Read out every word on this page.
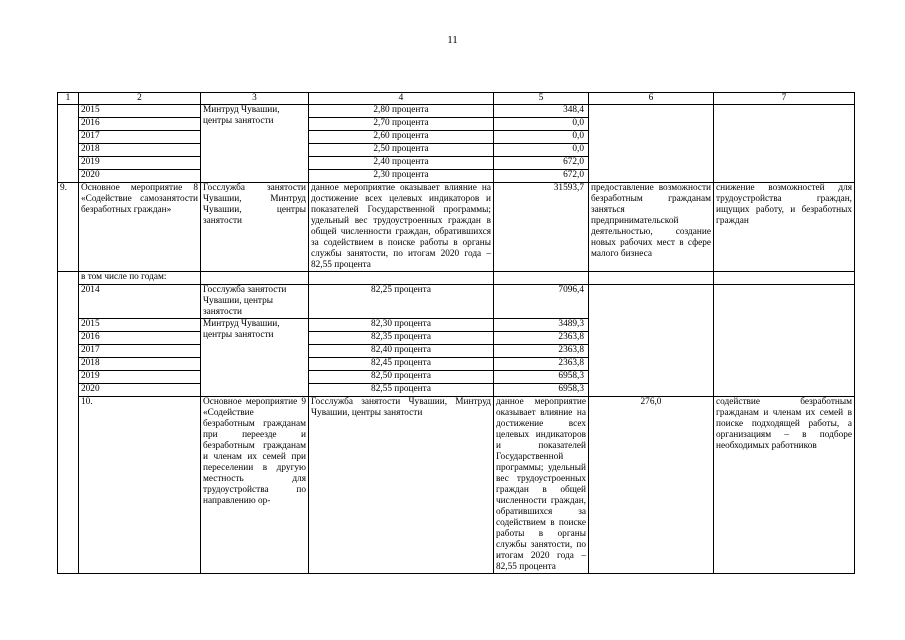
11
1	2	3	4	5	6	7	
	2015	Минтруд Чувашии, центры занятости	2,80 процента	348,4			
	2016		2,70 процента	0,0			
	2017		2,60 процента	0,0			
	2018		2,50 процента	0,0			
	2019		2,40 процента	672,0			
	2020		2,30 процента	672,0			
9.	Основное мероприятие 8 «Содействие самозанятости безработных граждан»	Госслужба занятости Чувашии, Минтруд Чувашии, центры занятости	данное мероприятие оказывает влияние на достижение всех целевых индикаторов и показателей Государственной программы; удельный вес трудоустроенных граждан в общей численности граждан, обратившихся за содействием в поиске работы в органы службы занятости, по итогам 2020 года – 82,55 процента	31593,7	предоставление возможности безработным гражданам заняться предпринимательской деятельностью, создание новых рабочих мест в сфере малого бизнеса	снижение возможностей для трудоустройства граждан, ищущих работу, и безработных граждан	
	в том числе по годам:						
	2014	Госслужба занятости Чувашии, центры занятости	82,25 процента	7096,4			
	2015	Минтруд Чувашии, центры занятости	82,30 процента	3489,3			
	2016		82,35 процента	2363,8			
	2017		82,40 процента	2363,8			
	2018		82,45 процента	2363,8			
	2019		82,50 процента	6958,3			
	2020		82,55 процента	6958,3			
	10.	Основное мероприятие 9 «Содействие безработным гражданам при переезде и безработным гражданам и членам их семей при переселении в другую местность для трудоустройства по направлению ор-	Госслужба занятости Чувашии, Минтруд Чувашии, центры занятости	данное мероприятие оказывает влияние на достижение всех целевых индикаторов и показателей Государственной программы; удельный вес трудоустроенных граждан в общей численности граждан, обратившихся за содействием в поиске работы в органы службы занятости, по итогам 2020 года – 82,55 процента	276,0	содействие безработным гражданам и членам их семей в поиске подходящей работы, а организациям – в подборе необходимых работников	
